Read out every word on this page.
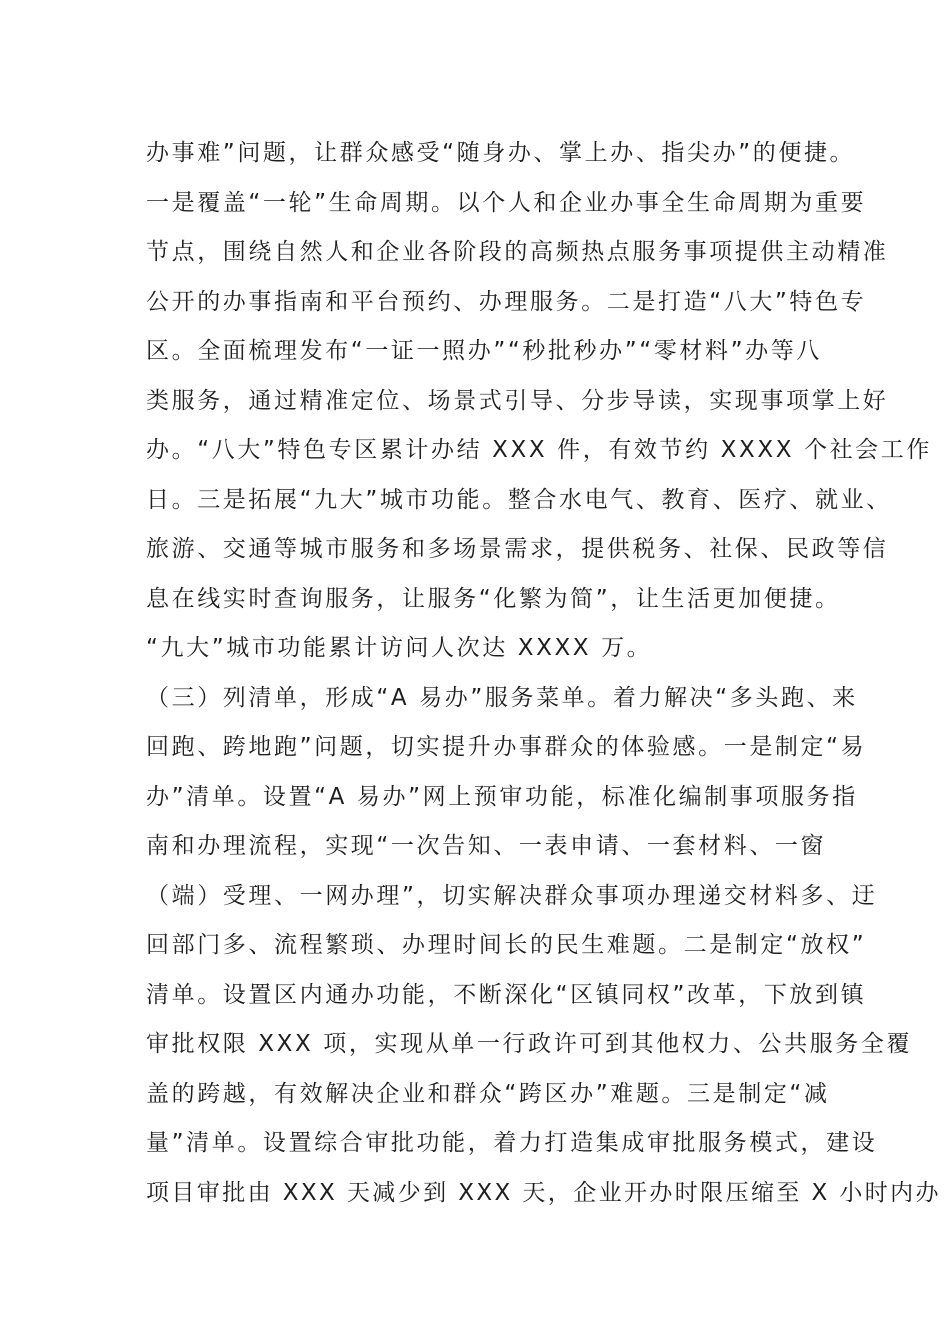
办事难”问题，让群众感受“随身办、掌上办、指尖办”的便捷。
一是覆盖“一轮”生命周期。以个人和企业办事全生命周期为重要
节点，围绕自然人和企业各阶段的高频热点服务事项提供主动精准
公开的办事指南和平台预约、办理服务。二是打造“八大”特色专
区。全面梳理发布“一证一照办”“秒批秒办”“零材料”办等八
类服务，通过精准定位、场景式引导、分步导读，实现事项掌上好
办。“八大”特色专区累计办结 XXX 件，有效节约 XXXX 个社会工作
日。三是拓展“九大”城市功能。整合水电气、教育、医疗、就业、
旅游、交通等城市服务和多场景需求，提供税务、社保、民政等信
息在线实时查询服务，让服务“化繁为简”，让生活更加便捷。
“九大”城市功能累计访问人次达 XXXX 万。
（三）列清单，形成“A 易办”服务菜单。着力解决“多头跑、来
回跑、跨地跑”问题，切实提升办事群众的体验感。一是制定“易
办”清单。设置“A 易办”网上预审功能，标准化编制事项服务指
南和办理流程，实现“一次告知、一表申请、一套材料、一窗
（端）受理、一网办理”，切实解决群众事项办理递交材料多、迂
回部门多、流程繁琐、办理时间长的民生难题。二是制定“放权”
清单。设置区内通办功能，不断深化“区镇同权”改革，下放到镇
审批权限 XXX 项，实现从单一行政许可到其他权力、公共服务全覆
盖的跨越，有效解决企业和群众“跨区办”难题。三是制定“减
量”清单。设置综合审批功能，着力打造集成审批服务模式，建设
项目审批由 XXX 天减少到 XXX 天，企业开办时限压缩至 X 小时内办
